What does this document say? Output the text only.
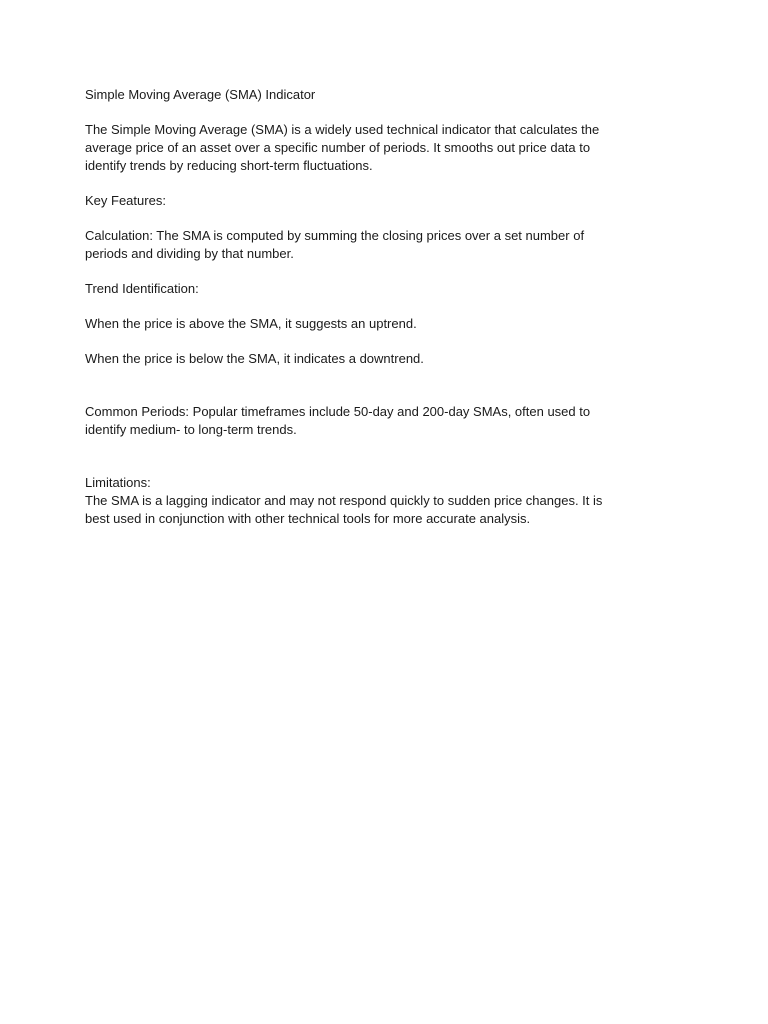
Simple Moving Average (SMA) Indicator

The Simple Moving Average (SMA) is a widely used technical indicator that calculates the average price of an asset over a specific number of periods. It smooths out price data to identify trends by reducing short-term fluctuations.

Key Features:

Calculation: The SMA is computed by summing the closing prices over a set number of periods and dividing by that number.

Trend Identification:

When the price is above the SMA, it suggests an uptrend.

When the price is below the SMA, it indicates a downtrend.

Common Periods: Popular timeframes include 50-day and 200-day SMAs, often used to identify medium- to long-term trends.

Limitations:

The SMA is a lagging indicator and may not respond quickly to sudden price changes. It is best used in conjunction with other technical tools for more accurate analysis.
